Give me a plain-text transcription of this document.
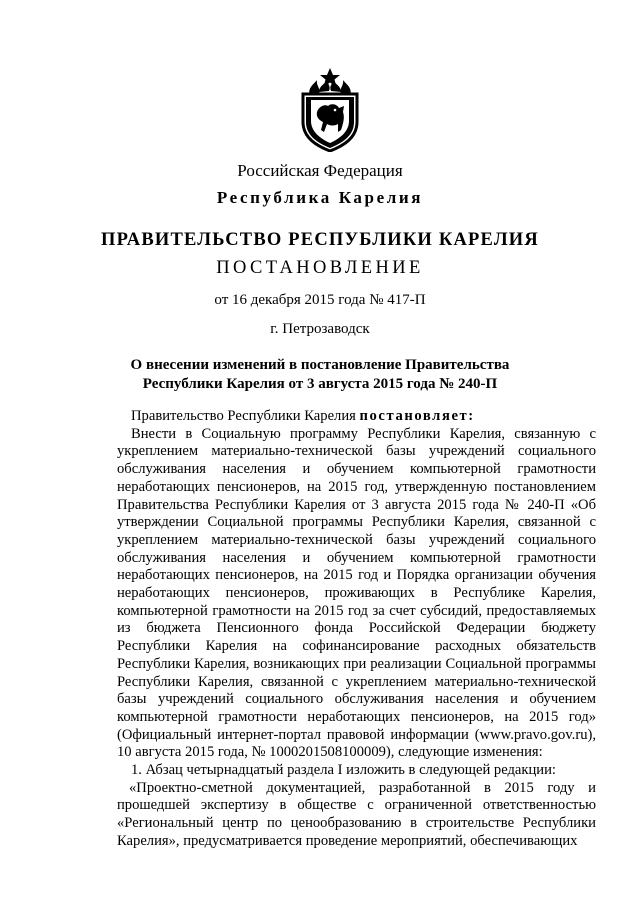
Российская Федерация
Республика Карелия
ПРАВИТЕЛЬСТВО РЕСПУБЛИКИ КАРЕЛИЯ
ПОСТАНОВЛЕНИЕ
от 16 декабря 2015 года № 417-П
г. Петрозаводск
О внесении изменений в постановление Правительства
Республики Карелия от 3 августа 2015 года № 240-П

Правительство Республики Карелия постановляет:

Внести в Социальную программу Республики Карелия, связанную с укреплением материально-технической базы учреждений социального обслуживания населения и обучением компьютерной грамотности неработающих пенсионеров, на 2015 год, утвержденную постановлением Правительства Республики Карелия от 3 августа 2015 года № 240-П «Об утверждении Социальной программы Республики Карелия, связанной с укреплением материально-технической базы учреждений социального обслуживания населения и обучением компьютерной грамотности неработающих пенсионеров, на 2015 год и Порядка организации обучения неработающих пенсионеров, проживающих в Республике Карелия, компьютерной грамотности на 2015 год за счет субсидий, предоставляемых из бюджета Пенсионного фонда Российской Федерации бюджету Республики Карелия на софинансирование расходных обязательств Республики Карелия, возникающих при реализации Социальной программы Республики Карелия, связанной с укреплением материально-технической базы учреждений социального обслуживания населения и обучением компьютерной грамотности неработающих пенсионеров, на 2015 год» (Официальный интернет-портал правовой информации (www.pravo.gov.ru), 10 августа 2015 года, № 1000201508100009), следующие изменения:

1. Абзац четырнадцатый раздела I изложить в следующей редакции:

«Проектно-сметной документацией, разработанной в 2015 году и прошедшей экспертизу в обществе с ограниченной ответственностью «Региональный центр по ценообразованию в строительстве Республики Карелия», предусматривается проведение мероприятий, обеспечивающих
